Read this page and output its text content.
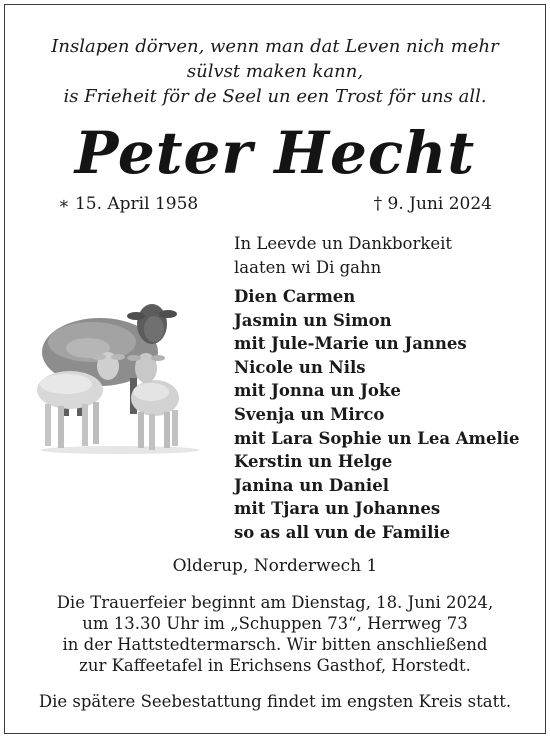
Inslapen dörven, wenn man dat Leven nich mehr
sülvst maken kann,
is Frieheit för de Seel un een Trost för uns all.
Peter Hecht
∗ 15. April 1958	† 9. Juni 2024
In Leevde un Dankborkeit
laaten wi Di gahn
Dien Carmen
Jasmin un Simon
mit Jule-Marie un Jannes
Nicole un Nils
mit Jonna un Joke
Svenja un Mirco
mit Lara Sophie un Lea Amelie
Kerstin un Helge
Janina un Daniel
mit Tjara un Johannes
so as all vun de Familie
Olderup, Norderwech 1
Die Trauerfeier beginnt am Dienstag, 18. Juni 2024,
um 13.30 Uhr im „Schuppen 73“, Herrweg 73
in der Hattstedtermarsch. Wir bitten anschließend
zur Kaffeetafel in Erichsens Gasthof, Horstedt.
Die spätere Seebestattung findet im engsten Kreis statt.
